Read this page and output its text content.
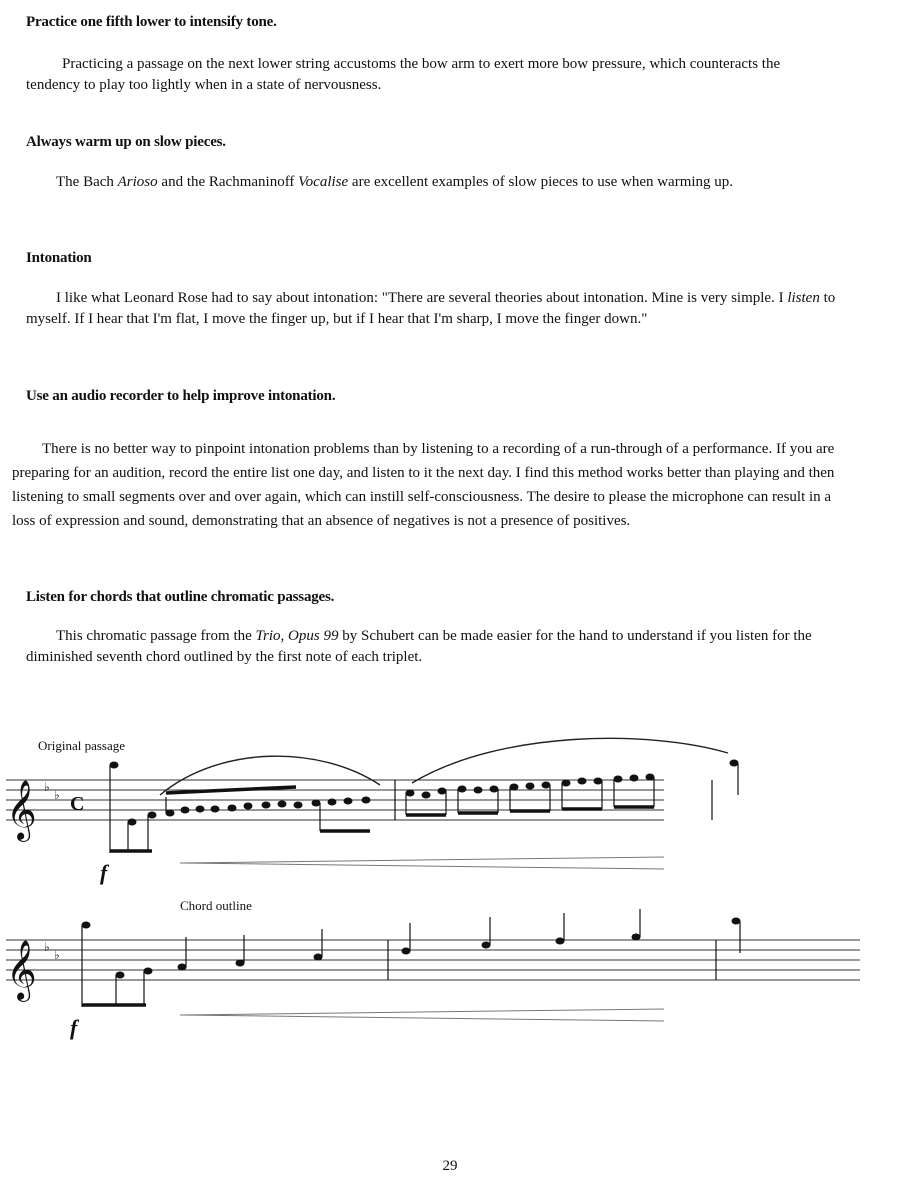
Practice one fifth lower to intensify tone.

Practicing a passage on the next lower string accustoms the bow arm to exert more bow pressure, which counteracts the tendency to play too lightly when in a state of nervousness.

Always warm up on slow pieces.

The Bach Arioso and the Rachmaninoff Vocalise are excellent examples of slow pieces to use when warming up.

Intonation

I like what Leonard Rose had to say about intonation: "There are several theories about intonation. Mine is very simple. I listen to myself. If I hear that I'm flat, I move the finger up, but if I hear that I'm sharp, I move the finger down."

Use an audio recorder to help improve intonation.

There is no better way to pinpoint intonation problems than by listening to a recording of a run-through of a performance. If you are preparing for an audition, record the entire list one day, and listen to it the next day. I find this method works better than playing and then listening to small segments over and over again, which can instill self-consciousness. The desire to please the microphone can result in a loss of expression and sound, demonstrating that an absence of negatives is not a presence of positives.

Listen for chords that outline chromatic passages.

This chromatic passage from the Trio, Opus 99 by Schubert can be made easier for the hand to understand if you listen for the diminished seventh chord outlined by the first note of each triplet.

Original passage
Chord outline
𝄞 ♭
♭ C
f
𝄞 ♭
♭
f
29
